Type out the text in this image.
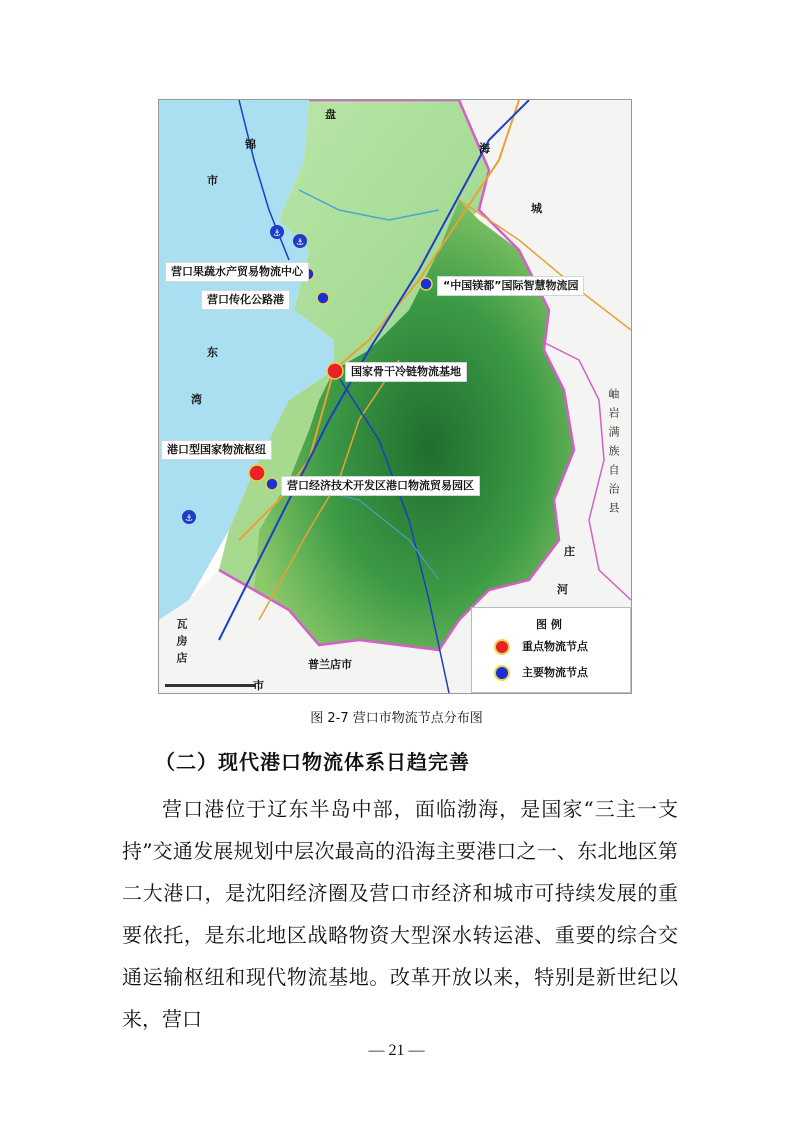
⚓
⚓
⚓
盘
锦
市
海
城
东
湾	岫岩满族自治县
庄
河
瓦房店	普兰店市
市
营口果蔬水产贸易物流中心
营口传化公路港
“中国镁都”国际智慧物流园
国家骨干冷链物流基地
港口型国家物流枢纽
营口经济技术开发区港口物流贸易园区
图 例
重点物流节点
主要物流节点
图 2-7 营口市物流节点分布图
（二）现代港口物流体系日趋完善

营口港位于辽东半岛中部，面临渤海，是国家“三主一支持”交通发展规划中层次最高的沿海主要港口之一、东北地区第二大港口，是沈阳经济圈及营口市经济和城市可持续发展的重要依托，是东北地区战略物资大型深水转运港、重要的综合交通运输枢纽和现代物流基地。改革开放以来，特别是新世纪以来，营口

— 21 —
